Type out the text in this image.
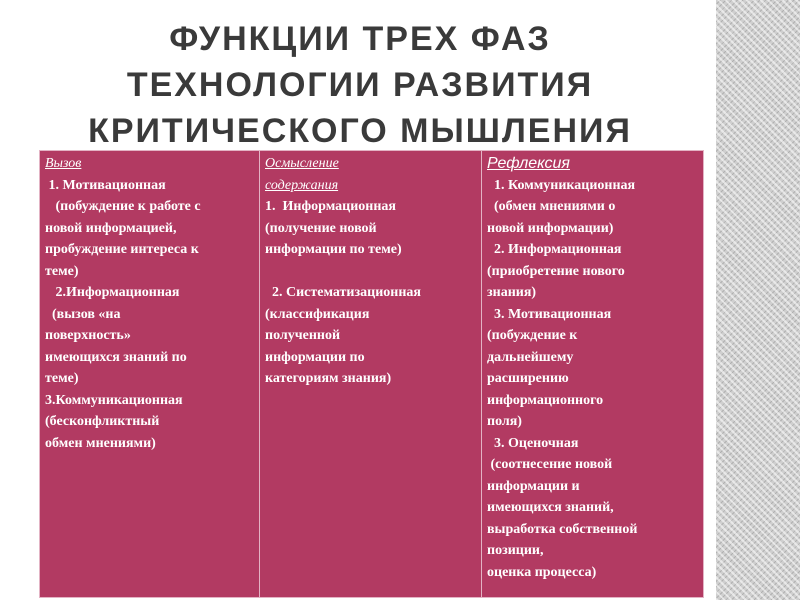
ФУНКЦИИ ТРЕХ ФАЗ
ТЕХНОЛОГИИ РАЗВИТИЯ
КРИТИЧЕСКОГО МЫШЛЕНИЯ
Вызов
1. Мотивационная
(побуждение к работе с
новой информацией,
пробуждение интереса к
теме)
2.Информационная
(вызов «на
поверхность»
имеющихся знаний по
теме)
3.Коммуникационная
(бесконфликтный
обмен мнениями)

Осмысление
содержания
1.  Информационная
(получение новой
информации по теме)
2. Систематизационная
(классификация
полученной
информации по
категориям знания)

Рефлексия
1. Коммуникационная
(обмен мнениями о
новой информации)
2. Информационная
(приобретение нового
знания)
3. Мотивационная
(побуждение к
дальнейшему
расширению
информационного
поля)
3. Оценочная
(соотнесение новой
информации и
имеющихся знаний,
выработка собственной
позиции,
оценка процесса)
